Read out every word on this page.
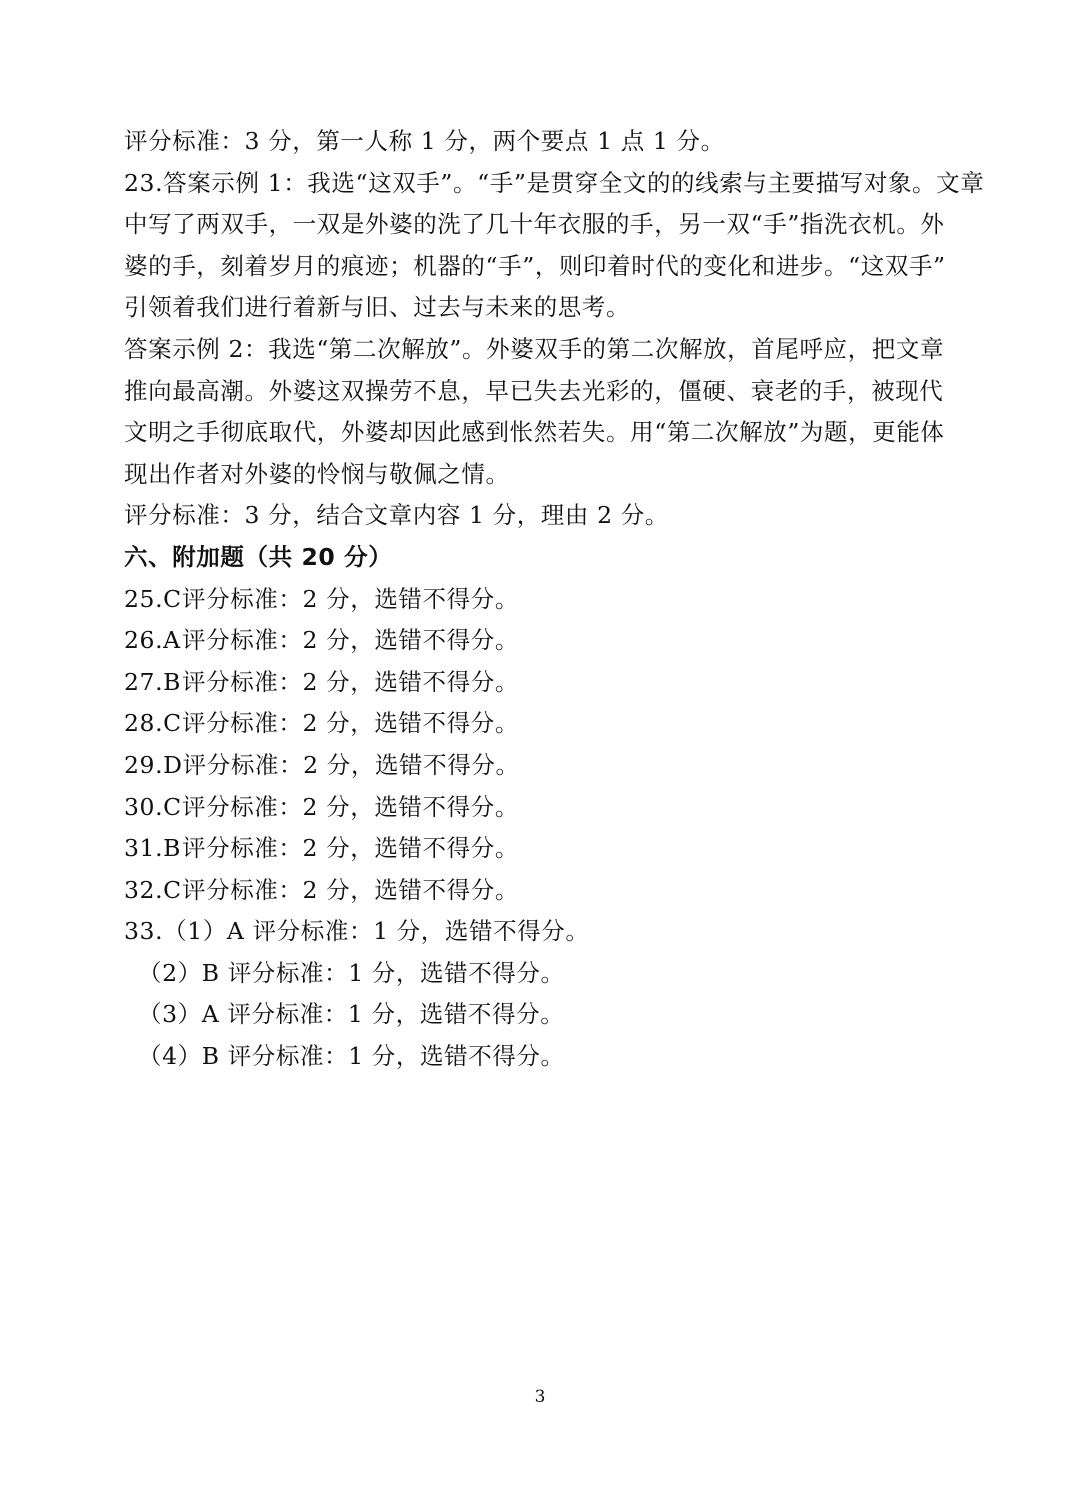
评分标准：3 分，第一人称 1 分，两个要点 1 点 1 分。

23.答案示例 1：我选“这双手”。“手”是贯穿全文的的线索与主要描写对象。文章

中写了两双手，一双是外婆的洗了几十年衣服的手，另一双“手”指洗衣机。外

婆的手，刻着岁月的痕迹；机器的“手”，则印着时代的变化和进步。“这双手”

引领着我们进行着新与旧、过去与未来的思考。

答案示例 2：我选“第二次解放”。外婆双手的第二次解放，首尾呼应，把文章

推向最高潮。外婆这双操劳不息，早已失去光彩的，僵硬、衰老的手，被现代

文明之手彻底取代，外婆却因此感到怅然若失。用“第二次解放”为题，更能体

现出作者对外婆的怜悯与敬佩之情。

评分标准：3 分，结合文章内容 1 分，理由 2 分。

六、附加题（共 20 分）

25.C评分标准：2 分，选错不得分。

26.A评分标准：2 分，选错不得分。

27.B评分标准：2 分，选错不得分。

28.C评分标准：2 分，选错不得分。

29.D评分标准：2 分，选错不得分。

30.C评分标准：2 分，选错不得分。

31.B评分标准：2 分，选错不得分。

32.C评分标准：2 分，选错不得分。

33.（1）A 评分标准：1 分，选错不得分。

（2）B 评分标准：1 分，选错不得分。

（3）A 评分标准：1 分，选错不得分。

（4）B 评分标准：1 分，选错不得分。

3
